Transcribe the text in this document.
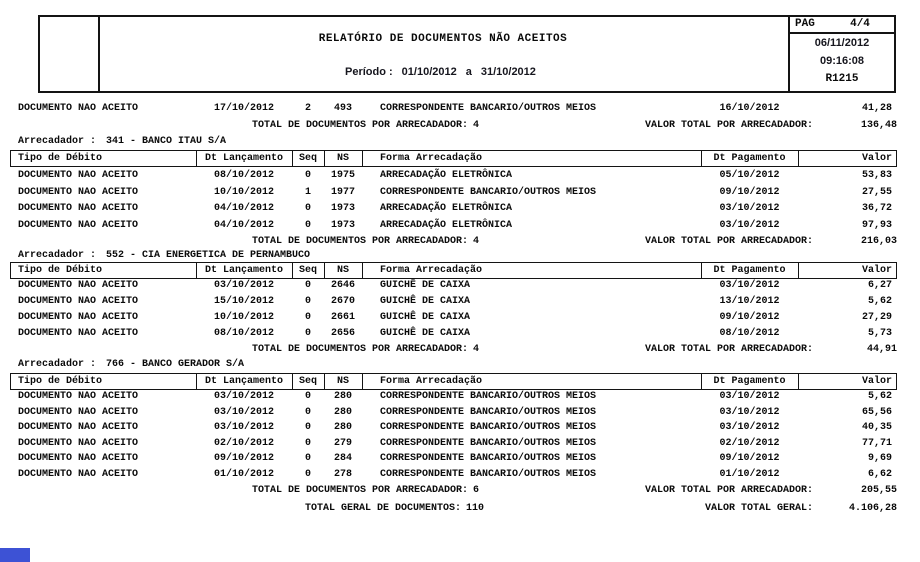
RELATÓRIO DE DOCUMENTOS NÃO ACEITOS
Período : 01/10/2012 a 31/10/2012
PAG	4/4
06/11/2012
09:16:08
R1215
DOCUMENTO NAO ACEITO	17/10/2012	2	493	CORRESPONDENTE BANCARIO/OUTROS MEIOS	16/10/2012	41,28
TOTAL DE DOCUMENTOS POR ARRECADADOR: 4	VALOR TOTAL POR ARRECADADOR:	136,48
Arrecadador : 341 - BANCO ITAU S/A
Tipo de Débito	Dt Lançamento	Seq	NS	Forma Arrecadação	Dt Pagamento	Valor
DOCUMENTO NAO ACEITO	08/10/2012	0	1975	ARRECADAÇÃO ELETRÔNICA	05/10/2012	53,83
DOCUMENTO NAO ACEITO	10/10/2012	1	1977	CORRESPONDENTE BANCARIO/OUTROS MEIOS	09/10/2012	27,55
DOCUMENTO NAO ACEITO	04/10/2012	0	1973	ARRECADAÇÃO ELETRÔNICA	03/10/2012	36,72
DOCUMENTO NAO ACEITO	04/10/2012	0	1973	ARRECADAÇÃO ELETRÔNICA	03/10/2012	97,93
TOTAL DE DOCUMENTOS POR ARRECADADOR: 4	VALOR TOTAL POR ARRECADADOR:	216,03
Arrecadador : 552 - CIA ENERGETICA DE PERNAMBUCO
Tipo de Débito	Dt Lançamento	Seq	NS	Forma Arrecadação	Dt Pagamento	Valor
DOCUMENTO NAO ACEITO	03/10/2012	0	2646	GUICHÊ DE CAIXA	03/10/2012	6,27
DOCUMENTO NAO ACEITO	15/10/2012	0	2670	GUICHÊ DE CAIXA	13/10/2012	5,62
DOCUMENTO NAO ACEITO	10/10/2012	0	2661	GUICHÊ DE CAIXA	09/10/2012	27,29
DOCUMENTO NAO ACEITO	08/10/2012	0	2656	GUICHÊ DE CAIXA	08/10/2012	5,73
TOTAL DE DOCUMENTOS POR ARRECADADOR: 4	VALOR TOTAL POR ARRECADADOR:	44,91
Arrecadador : 766 - BANCO GERADOR S/A
Tipo de Débito	Dt Lançamento	Seq	NS	Forma Arrecadação	Dt Pagamento	Valor
DOCUMENTO NAO ACEITO	03/10/2012	0	280	CORRESPONDENTE BANCARIO/OUTROS MEIOS	03/10/2012	5,62
DOCUMENTO NAO ACEITO	03/10/2012	0	280	CORRESPONDENTE BANCARIO/OUTROS MEIOS	03/10/2012	65,56
DOCUMENTO NAO ACEITO	03/10/2012	0	280	CORRESPONDENTE BANCARIO/OUTROS MEIOS	03/10/2012	40,35
DOCUMENTO NAO ACEITO	02/10/2012	0	279	CORRESPONDENTE BANCARIO/OUTROS MEIOS	02/10/2012	77,71
DOCUMENTO NAO ACEITO	09/10/2012	0	284	CORRESPONDENTE BANCARIO/OUTROS MEIOS	09/10/2012	9,69
DOCUMENTO NAO ACEITO	01/10/2012	0	278	CORRESPONDENTE BANCARIO/OUTROS MEIOS	01/10/2012	6,62
TOTAL DE DOCUMENTOS POR ARRECADADOR: 6	VALOR TOTAL POR ARRECADADOR:	205,55
TOTAL GERAL DE DOCUMENTOS: 110	VALOR TOTAL GERAL:	4.106,28
